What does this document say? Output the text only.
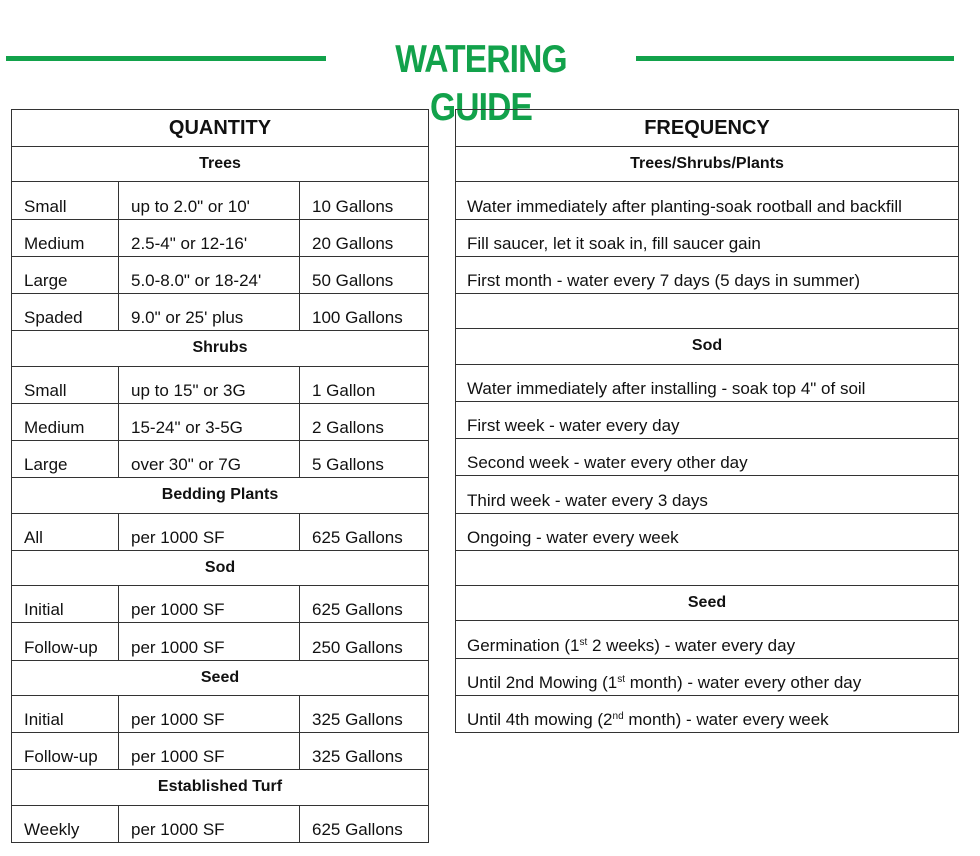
WATERING GUIDE
QUANTITY		
Trees		
Small	up to 2.0" or 10'	10 Gallons
Medium	2.5-4" or 12-16'	20 Gallons
Large	5.0-8.0" or 18-24'	50 Gallons
Spaded	9.0" or 25' plus	100 Gallons
Shrubs		
Small	up to 15" or 3G	1 Gallon
Medium	15-24" or 3-5G	2 Gallons
Large	over 30" or 7G	5 Gallons
Bedding Plants		
All	per 1000 SF	625 Gallons
Sod		
Initial	per 1000 SF	625 Gallons
Follow-up	per 1000 SF	250 Gallons
Seed		
Initial	per 1000 SF	325 Gallons
Follow-up	per 1000 SF	325 Gallons
Established Turf		
Weekly	per 1000 SF	625 Gallons
FREQUENCY
Trees/Shrubs/Plants
Water immediately after planting-soak rootball and backfill
Fill saucer, let it soak in, fill saucer gain
First month - water every 7 days (5 days in summer)

Sod
Water immediately after installing - soak top 4" of soil
First week - water every day
Second week - water every other day
Third week - water every 3 days
Ongoing - water every week

Seed
Germination (1st 2 weeks) - water every day
Until 2nd Mowing (1st month) - water every other day
Until 4th mowing (2nd month) - water every week
